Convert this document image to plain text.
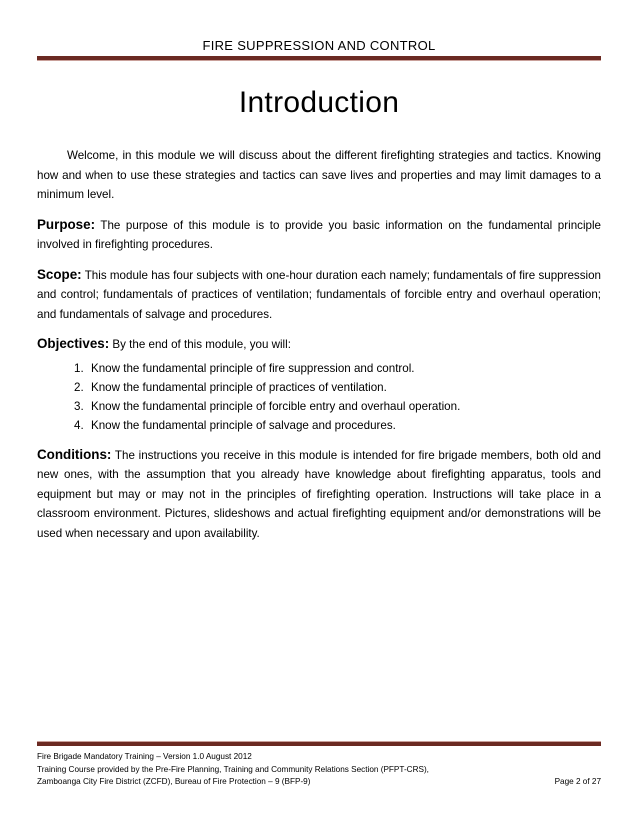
FIRE SUPPRESSION AND CONTROL
Introduction

Welcome, in this module we will discuss about the different firefighting strategies and tactics. Knowing how and when to use these strategies and tactics can save lives and properties and may limit damages to a minimum level.

Purpose: The purpose of this module is to provide you basic information on the fundamental principle involved in firefighting procedures.

Scope: This module has four subjects with one-hour duration each namely; fundamentals of fire suppression and control; fundamentals of practices of ventilation; fundamentals of forcible entry and overhaul operation; and fundamentals of salvage and procedures.

Objectives: By the end of this module, you will:

1. Know the fundamental principle of fire suppression and control.
2. Know the fundamental principle of practices of ventilation.
3. Know the fundamental principle of forcible entry and overhaul operation.
4. Know the fundamental principle of salvage and procedures.

Conditions: The instructions you receive in this module is intended for fire brigade members, both old and new ones, with the assumption that you already have knowledge about firefighting apparatus, tools and equipment but may or may not in the principles of firefighting operation. Instructions will take place in a classroom environment. Pictures, slideshows and actual firefighting equipment and/or demonstrations will be used when necessary and upon availability.

Fire Brigade Mandatory Training – Version 1.0 August 2012
Training Course provided by the Pre-Fire Planning, Training and Community Relations Section (PFPT-CRS),
Zamboanga City Fire District (ZCFD), Bureau of Fire Protection – 9 (BFP-9)	Page 2 of 27
